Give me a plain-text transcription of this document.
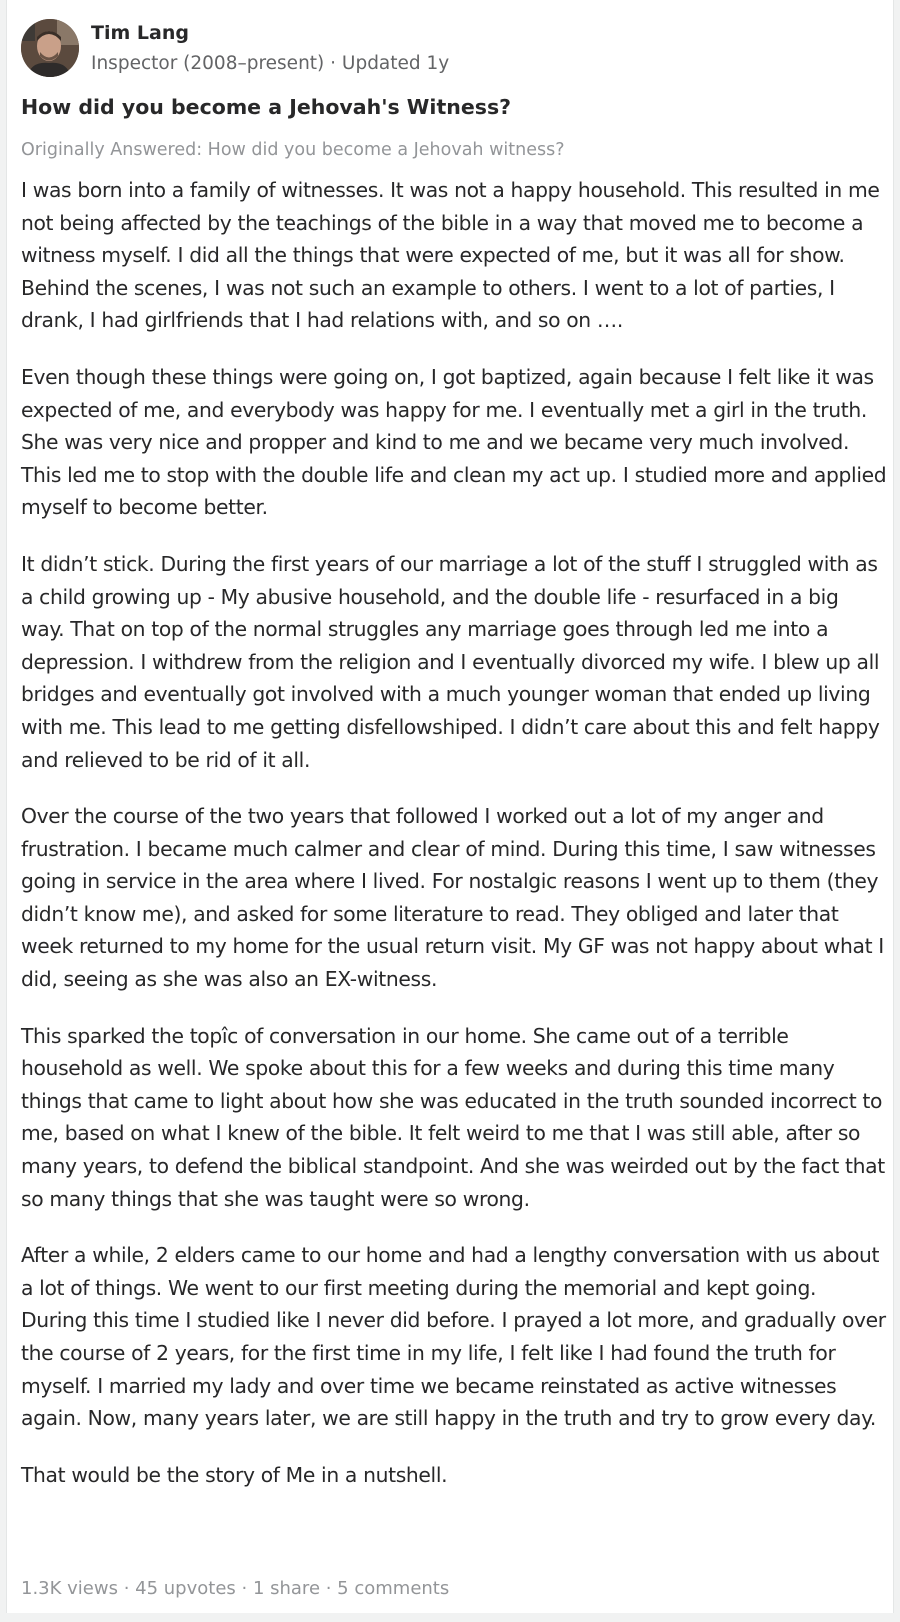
Tim Lang
Inspector (2008–present) · Updated 1y
How did you become a Jehovah's Witness?
Originally Answered: How did you become a Jehovah witness?

I was born into a family of witnesses. It was not a happy household. This resulted in me not being affected by the teachings of the bible in a way that moved me to become a witness myself. I did all the things that were expected of me, but it was all for show. Behind the scenes, I was not such an example to others. I went to a lot of parties, I drank, I had girlfriends that I had relations with, and so on ….

Even though these things were going on, I got baptized, again because I felt like it was expected of me, and everybody was happy for me. I eventually met a girl in the truth. She was very nice and propper and kind to me and we became very much involved. This led me to stop with the double life and clean my act up. I studied more and applied myself to become better.

It didn’t stick. During the first years of our marriage a lot of the stuff I struggled with as a child growing up - My abusive household, and the double life - resurfaced in a big way. That on top of the normal struggles any marriage goes through led me into a depression. I withdrew from the religion and I eventually divorced my wife. I blew up all bridges and eventually got involved with a much younger woman that ended up living with me. This lead to me getting disfellowshiped. I didn’t care about this and felt happy and relieved to be rid of it all.

Over the course of the two years that followed I worked out a lot of my anger and frustration. I became much calmer and clear of mind. During this time, I saw witnesses going in service in the area where I lived. For nostalgic reasons I went up to them (they didn’t know me), and asked for some literature to read. They obliged and later that week returned to my home for the usual return visit. My GF was not happy about what I did, seeing as she was also an EX-witness.

This sparked the topîc of conversation in our home. She came out of a terrible household as well. We spoke about this for a few weeks and during this time many things that came to light about how she was educated in the truth sounded incorrect to me, based on what I knew of the bible. It felt weird to me that I was still able, after so many years, to defend the biblical standpoint. And she was weirded out by the fact that so many things that she was taught were so wrong.

After a while, 2 elders came to our home and had a lengthy conversation with us about a lot of things. We went to our first meeting during the memorial and kept going. During this time I studied like I never did before. I prayed a lot more, and gradually over the course of 2 years, for the first time in my life, I felt like I had found the truth for myself. I married my lady and over time we became reinstated as active witnesses again. Now, many years later, we are still happy in the truth and try to grow every day.

That would be the story of Me in a nutshell.

1.3K views · 45 upvotes · 1 share · 5 comments
